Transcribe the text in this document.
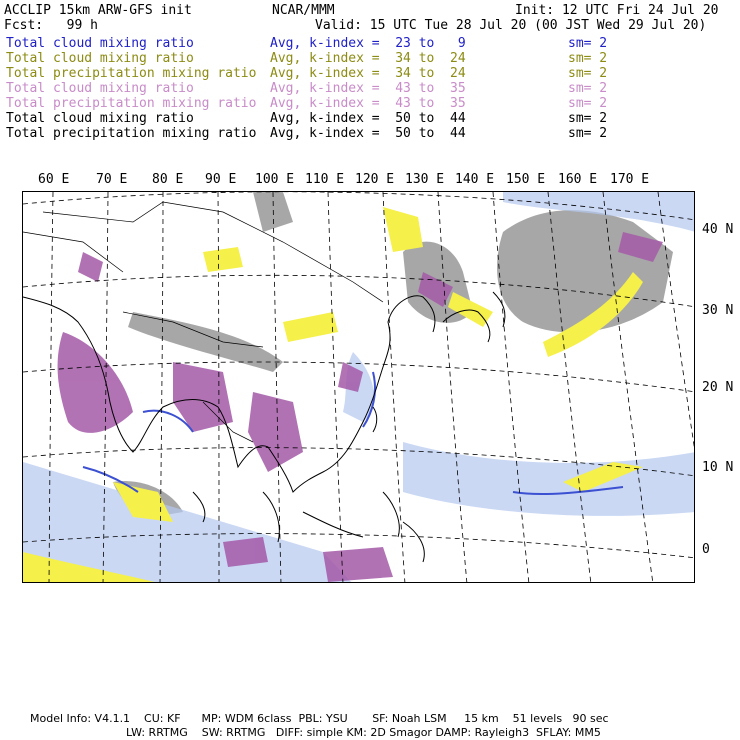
ACCLIP 15km ARW-GFS init	NCAR/MMM	Init: 12 UTC Fri 24 Jul 20
Fcst:   99 h	Valid: 15 UTC Tue 28 Jul 20 (00 JST Wed 29 Jul 20)
Total cloud mixing ratio	Avg, k-index =  23 to   9	sm= 2
Total cloud mixing ratio	Avg, k-index =  34 to  24	sm= 2
Total precipitation mixing ratio Avg, k-index =  34 to  24	sm= 2
Total cloud mixing ratio	Avg, k-index =  43 to  35	sm= 2
Total precipitation mixing ratio Avg, k-index =  43 to  35	sm= 2
Total cloud mixing ratio	Avg, k-index =  50 to  44	sm= 2
Total precipitation mixing ratio Avg, k-index =  50 to  44	sm= 2
60 E 70 E 80 E 90 E 100 E 110 E 120 E 130 E 140 E 150 E 160 E 170 E
40 N
30 N
20 N
10 N
0
Model Info: V4.1.1    CU: KF      MP: WDM 6class  PBL: YSU       SF: Noah LSM     15 km    51 levels   90 sec
LW: RRTMG    SW: RRTMG   DIFF: simple KM: 2D Smagor DAMP: Rayleigh3  SFLAY: MM5
